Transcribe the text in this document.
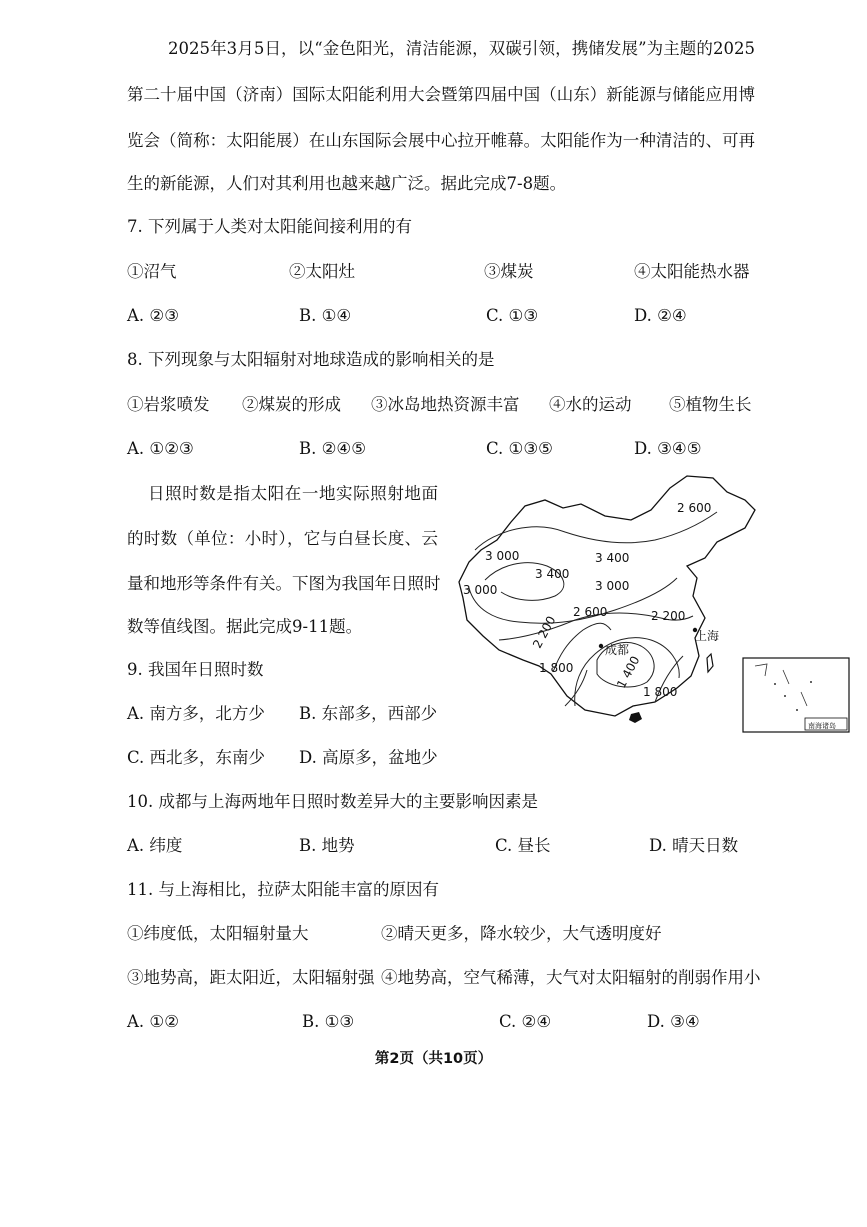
2025年3月5日，以“金色阳光，清洁能源，双碳引领，携储发展”为主题的2025
第二十届中国（济南）国际太阳能利用大会暨第四届中国（山东）新能源与储能应用博
览会（简称：太阳能展）在山东国际会展中心拉开帷幕。太阳能作为一种清洁的、可再
生的新能源，人们对其利用也越来越广泛。据此完成7-8题。
7. 下列属于人类对太阳能间接利用的有
①沼气	②太阳灶	③煤炭	④太阳能热水器
A. ②③	B. ①④	C. ①③	D. ②④
8. 下列现象与太阳辐射对地球造成的影响相关的是
①岩浆喷发 ②煤炭的形成 ③冰岛地热资源丰富 ④水的运动 ⑤植物生长
A. ①②③	B. ②④⑤	C. ①③⑤	D. ③④⑤
日照时数是指太阳在一地实际照射地面
的时数（单位：小时），它与白昼长度、云
量和地形等条件有关。下图为我国年日照时
数等值线图。据此完成9-11题。
2 600
3 000	3 400
3 400
3 000
3 000
2 600	2 200
2 200
1 800	1 400
1 800
成都
上海
南海诸岛
9. 我国年日照时数
A. 南方多，北方少 B. 东部多，西部少
C. 西北多，东南少 D. 高原多，盆地少
10. 成都与上海两地年日照时数差异大的主要影响因素是
A. 纬度	B. 地势	C. 昼长	D. 晴天日数
11. 与上海相比，拉萨太阳能丰富的原因有
①纬度低，太阳辐射量大	②晴天更多，降水较少，大气透明度好
③地势高，距太阳近，太阳辐射强 ④地势高，空气稀薄，大气对太阳辐射的削弱作用小
A. ①②	B. ①③	C. ②④	D. ③④
第2页（共10页）
